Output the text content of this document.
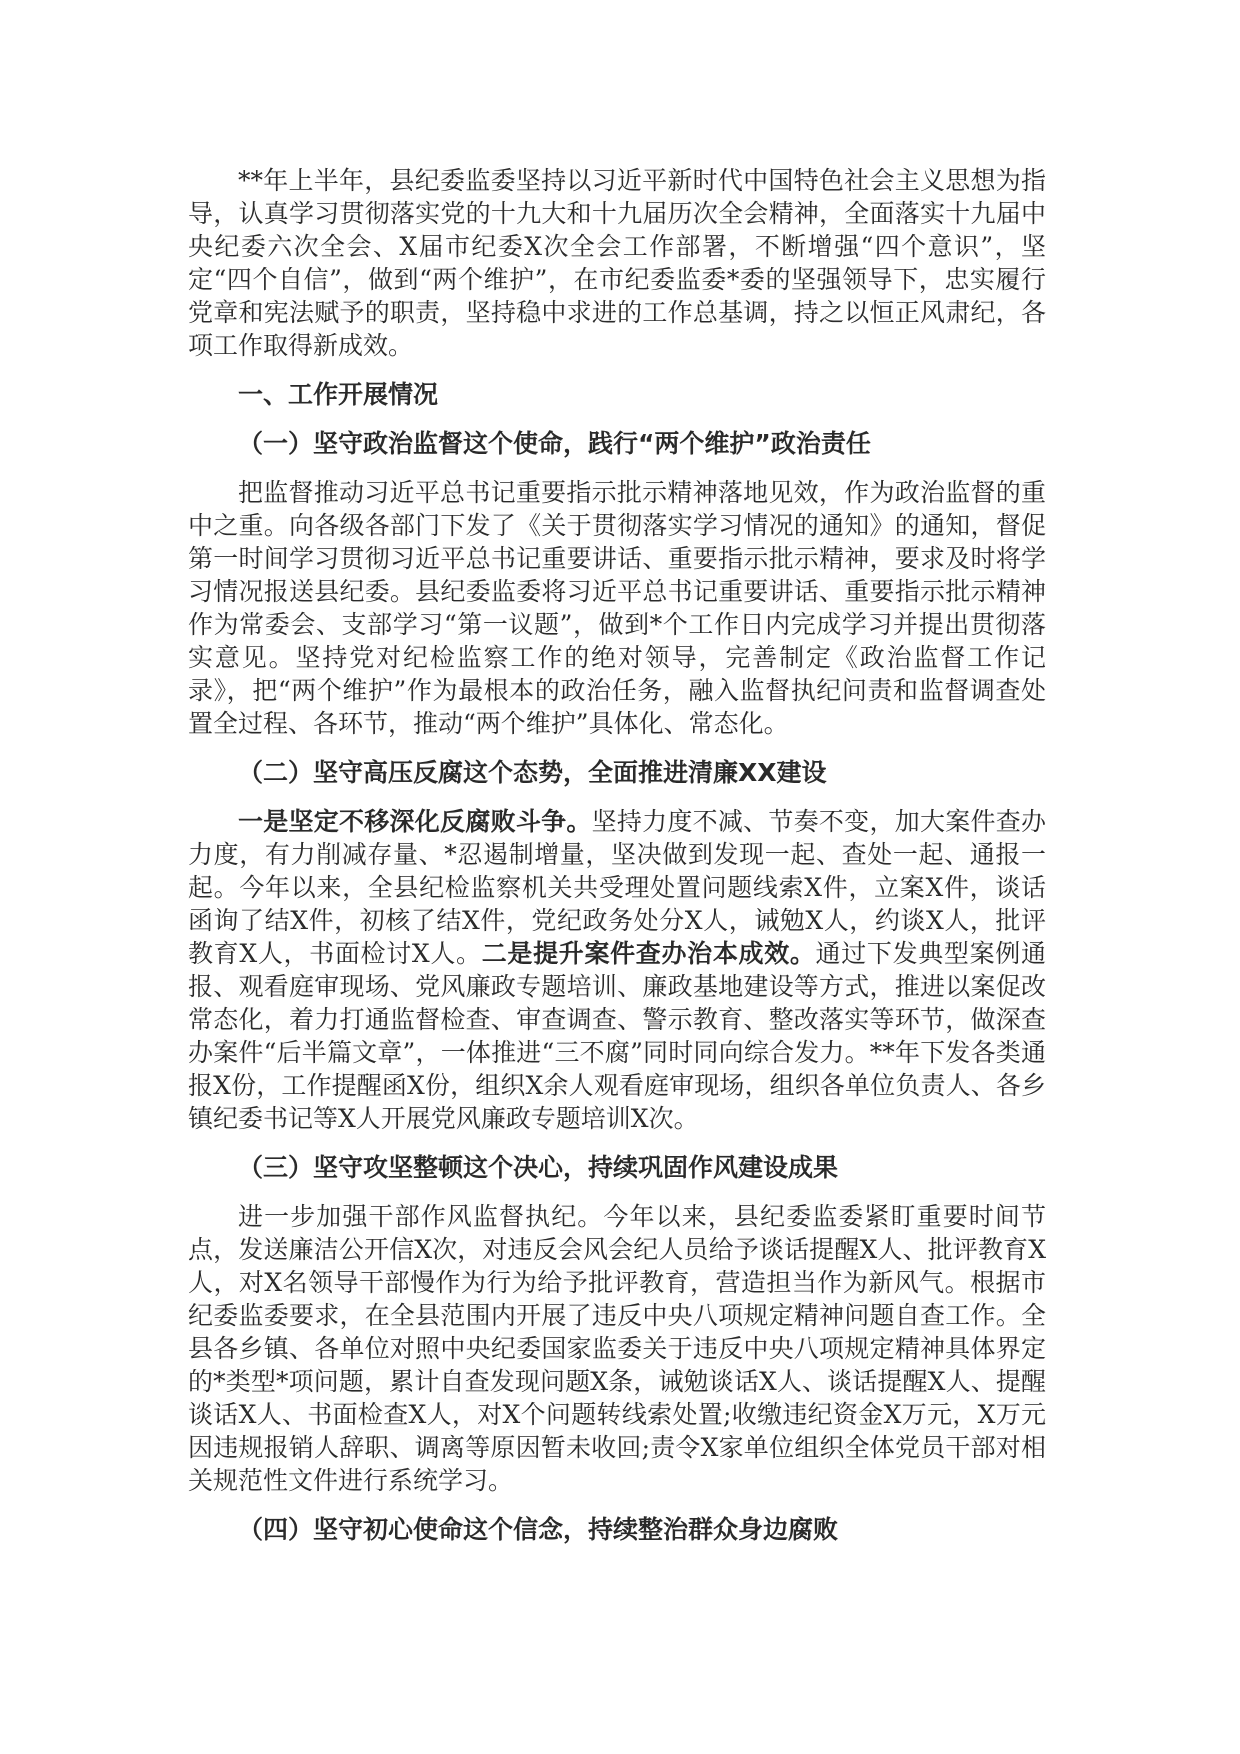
**年上半年，县纪委监委坚持以习近平新时代中国特色社会主义思想为指导，认真学习贯彻落实党的十九大和十九届历次全会精神，全面落实十九届中央纪委六次全会、X届市纪委X次全会工作部署，不断增强“四个意识”，坚定“四个自信”，做到“两个维护”，在市纪委监委*委的坚强领导下，忠实履行党章和宪法赋予的职责，坚持稳中求进的工作总基调，持之以恒正风肃纪，各项工作取得新成效。

一、工作开展情况

（一）坚守政治监督这个使命，践行“两个维护”政治责任

把监督推动习近平总书记重要指示批示精神落地见效，作为政治监督的重中之重。向各级各部门下发了《关于贯彻落实学习情况的通知》的通知，督促第一时间学习贯彻习近平总书记重要讲话、重要指示批示精神，要求及时将学习情况报送县纪委。县纪委监委将习近平总书记重要讲话、重要指示批示精神作为常委会、支部学习“第一议题”，做到*个工作日内完成学习并提出贯彻落实意见。坚持党对纪检监察工作的绝对领导，完善制定《政治监督工作记录》，把“两个维护”作为最根本的政治任务，融入监督执纪问责和监督调查处置全过程、各环节，推动“两个维护”具体化、常态化。

（二）坚守高压反腐这个态势，全面推进清廉XX建设

一是坚定不移深化反腐败斗争。坚持力度不减、节奏不变，加大案件查办力度，有力削减存量、*忍遏制增量，坚决做到发现一起、查处一起、通报一起。今年以来，全县纪检监察机关共受理处置问题线索X件，立案X件，谈话函询了结X件，初核了结X件，党纪政务处分X人，诫勉X人，约谈X人，批评教育X人，书面检讨X人。二是提升案件查办治本成效。通过下发典型案例通报、观看庭审现场、党风廉政专题培训、廉政基地建设等方式，推进以案促改常态化，着力打通监督检查、审查调查、警示教育、整改落实等环节，做深查办案件“后半篇文章”，一体推进“三不腐”同时同向综合发力。**年下发各类通报X份，工作提醒函X份，组织X余人观看庭审现场，组织各单位负责人、各乡镇纪委书记等X人开展党风廉政专题培训X次。

（三）坚守攻坚整顿这个决心，持续巩固作风建设成果

进一步加强干部作风监督执纪。今年以来，县纪委监委紧盯重要时间节点，发送廉洁公开信X次，对违反会风会纪人员给予谈话提醒X人、批评教育X人，对X名领导干部慢作为行为给予批评教育，营造担当作为新风气。根据市纪委监委要求，在全县范围内开展了违反中央八项规定精神问题自查工作。全县各乡镇、各单位对照中央纪委国家监委关于违反中央八项规定精神具体界定的*类型*项问题，累计自查发现问题X条，诫勉谈话X人、谈话提醒X人、提醒谈话X人、书面检查X人，对X个问题转线索处置;收缴违纪资金X万元，X万元因违规报销人辞职、调离等原因暂未收回;责令X家单位组织全体党员干部对相关规范性文件进行系统学习。

（四）坚守初心使命这个信念，持续整治群众身边腐败
